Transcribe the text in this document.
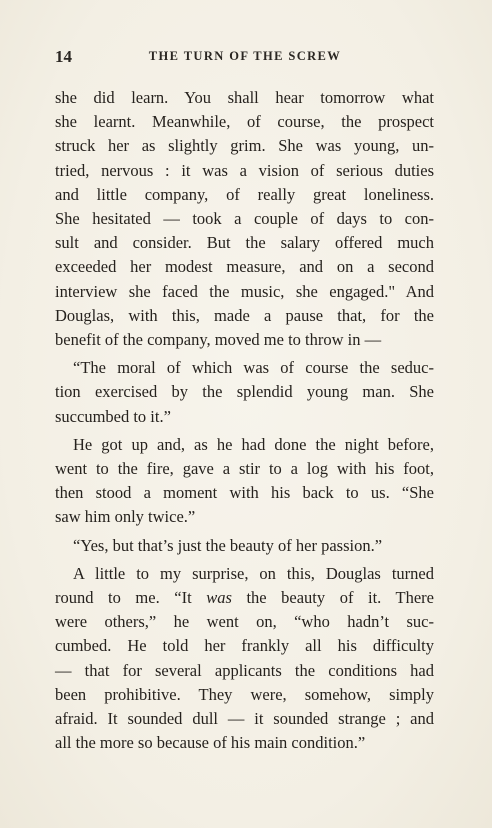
14	THE TURN OF THE SCREW
she did learn. You shall hear tomorrow what
she learnt. Meanwhile, of course, the prospect
struck her as slightly grim. She was young, un-
tried, nervous : it was a vision of serious duties
and little company, of really great loneliness.
She hesitated — took a couple of days to con-
sult and consider. But the salary offered much
exceeded her modest measure, and on a second
interview she faced the music, she engaged." And
Douglas, with this, made a pause that, for the
benefit of the company, moved me to throw in —
“The moral of which was of course the seduc-
tion exercised by the splendid young man. She
succumbed to it.”
He got up and, as he had done the night before,
went to the fire, gave a stir to a log with his foot,
then stood a moment with his back to us. “She
saw him only twice.”
“Yes, but that’s just the beauty of her passion.”
A little to my surprise, on this, Douglas turned
round to me. “It was the beauty of it. There
were others,” he went on, “who hadn’t suc-
cumbed. He told her frankly all his difficulty
— that for several applicants the conditions had
been prohibitive. They were, somehow, simply
afraid. It sounded dull — it sounded strange ; and
all the more so because of his main condition.”
